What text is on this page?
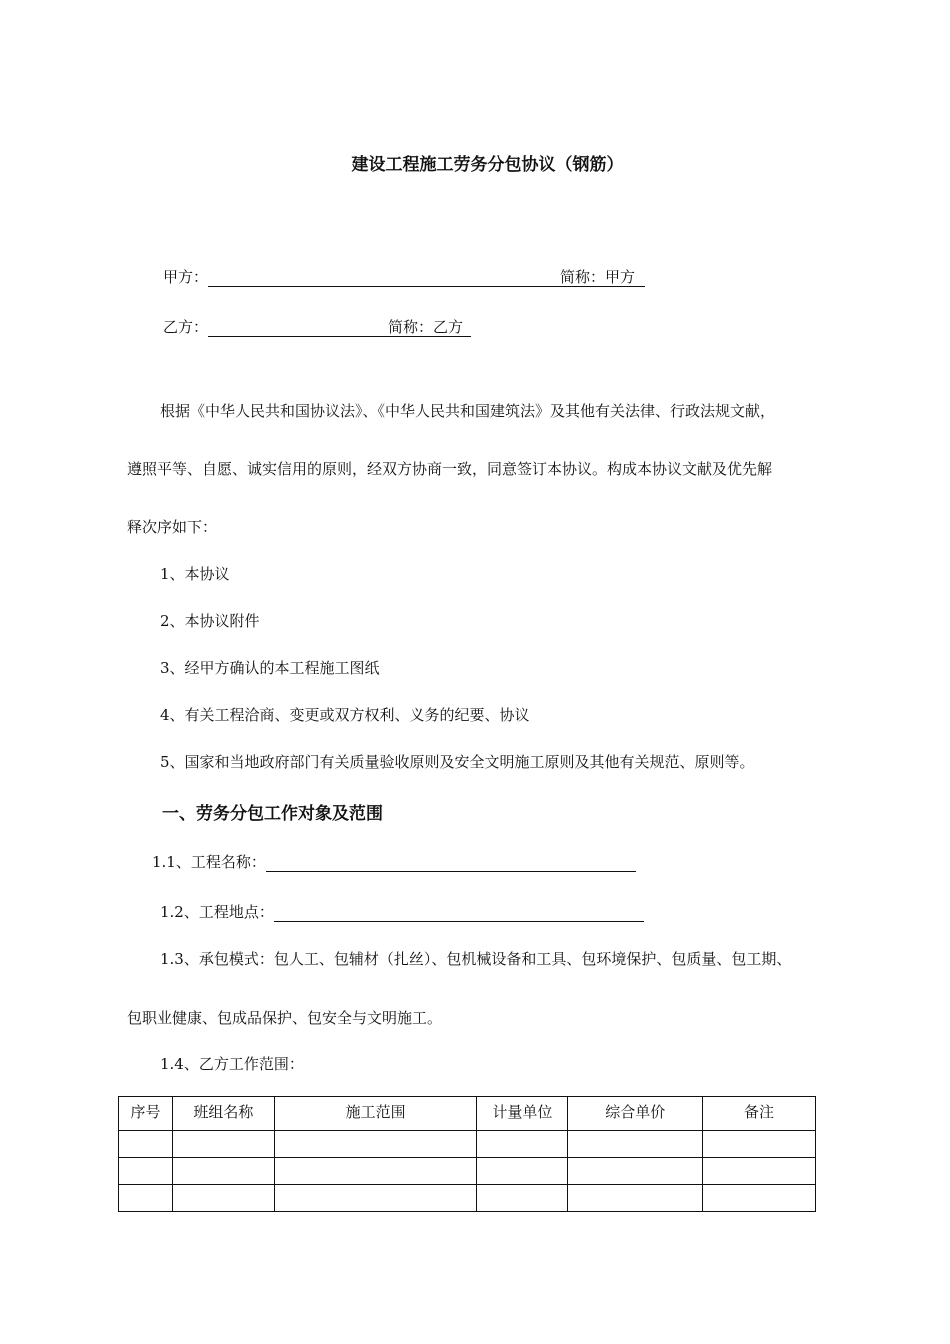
建设工程施工劳务分包协议（钢筋）
甲方：	简称：甲方
乙方：	简称：乙方
根据《中华人民共和国协议法》、《中华人民共和国建筑法》及其他有关法律、行政法规文献，
遵照平等、自愿、诚实信用的原则，经双方协商一致，同意签订本协议。构成本协议文献及优先解
释次序如下：
1、本协议
2、本协议附件
3、经甲方确认的本工程施工图纸
4、有关工程洽商、变更或双方权利、义务的纪要、协议
5、国家和当地政府部门有关质量验收原则及安全文明施工原则及其他有关规范、原则等。
一、劳务分包工作对象及范围
1.1、工程名称：
1.2、工程地点：
1.3、承包模式：包人工、包辅材（扎丝）、包机械设备和工具、包环境保护、包质量、包工期、
包职业健康、包成品保护、包安全与文明施工。
1.4、乙方工作范围：
序号	班组名称	施工范围	计量单位	综合单价	备注
